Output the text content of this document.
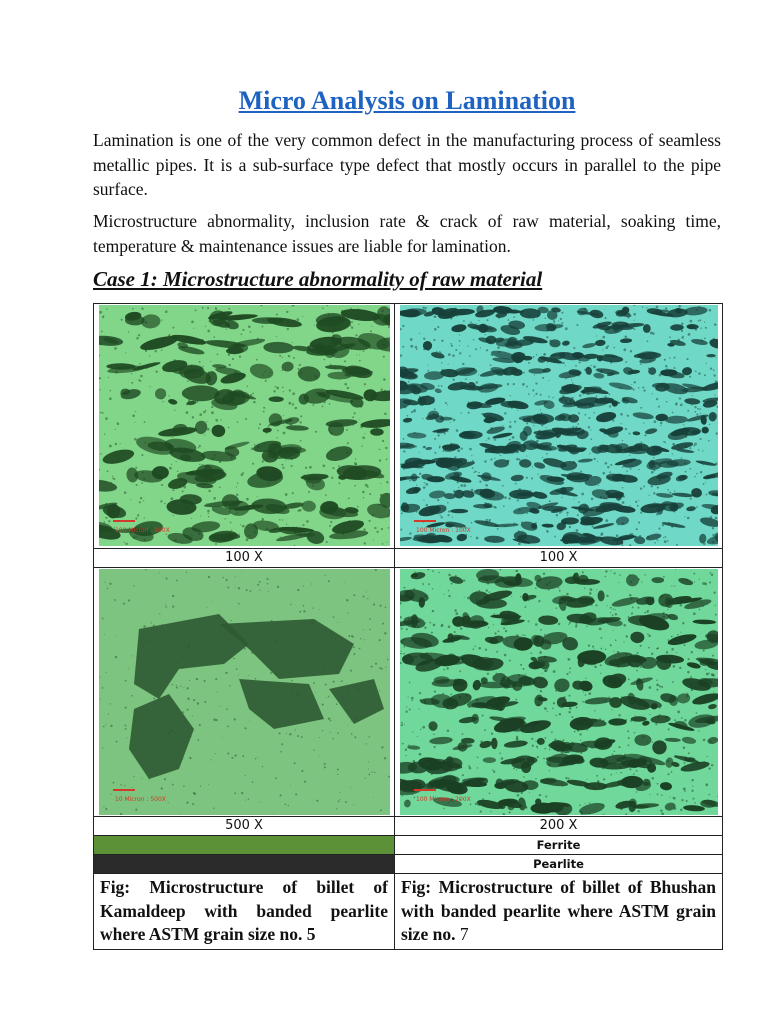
Micro Analysis on Lamination

Lamination is one of the very common defect in the manufacturing process of seamless metallic pipes. It is a sub-surface type defect that mostly occurs in parallel to the pipe surface.

Microstructure abnormality, inclusion rate & crack of raw material, soaking time, temperature & maintenance issues are liable for lamination.

Case 1: Microstructure abnormality of raw material

100 Micron : 100X	100 Micron : 100X

100 X	100 X

10 Micron : 500X	100 Micron : 200X

500 X	200 X
	Ferrite
	Pearlite
Fig: Microstructure of billet of Kamaldeep with banded pearlite where ASTM grain size no. 5	Fig: Microstructure of billet of Bhushan with banded pearlite where ASTM grain size no. 7
